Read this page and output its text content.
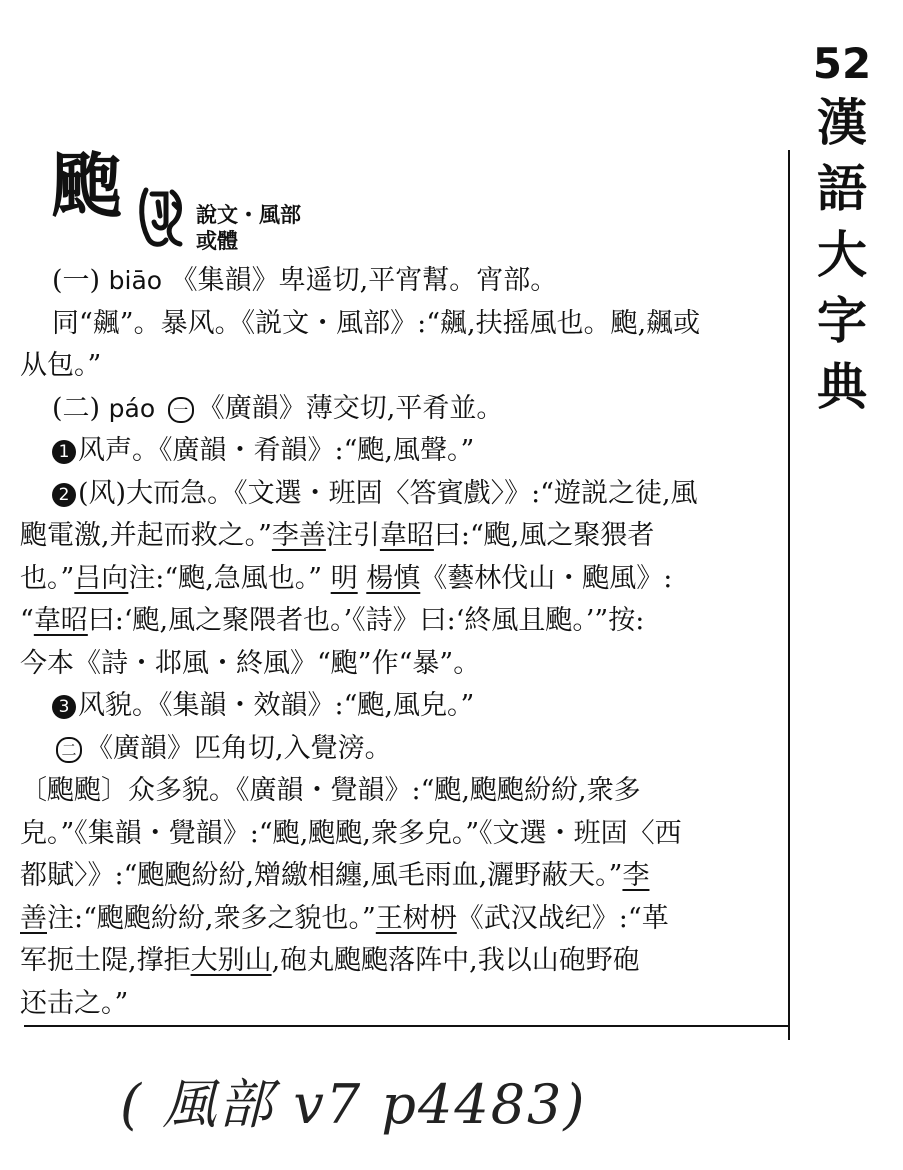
52
漢
語
大
字
典
颮	說文・風部
或體
(一) biāo 《集韻》卑遥切,平宵幫。宵部。
同“飆”。暴风。《説文・風部》:“飆,扶摇風也。颮,飆或
从包。”
(二) páo 一 《廣韻》薄交切,平肴並。
1 风声。《廣韻・肴韻》:“颮,風聲。”
2 (风)大而急。《文選・班固〈答賓戲〉》:“遊説之徒,風
颮電激,并起而救之。”李善注引韋昭曰:“颮,風之聚猥者
也。”吕向注:“颮,急風也。” 明 楊慎《藝林伐山・颮風》:
“韋昭曰:‘颮,風之聚隈者也。’《詩》曰:‘終風且颮。’”按:
今本《詩・邶風・終風》“颮”作“暴”。
3 风貌。《集韻・效韻》:“颮,風皃。”
二 《廣韻》匹角切,入覺滂。
〔颮颮〕众多貌。《廣韻・覺韻》:“颮,颮颮紛紛,衆多
皃。”《集韻・覺韻》:“颮,颮颮,衆多皃。”《文選・班固〈西
都賦〉》:“颮颮紛紛,矰繳相纏,風毛雨血,灑野蔽天。”李
善注:“颮颮紛紛,衆多之貌也。”王树枬《武汉战纪》:“革
军扼土隄,撑拒大别山,砲丸颮颮落阵中,我以山砲野砲
还击之。”
( 風部 v7 p4483)
